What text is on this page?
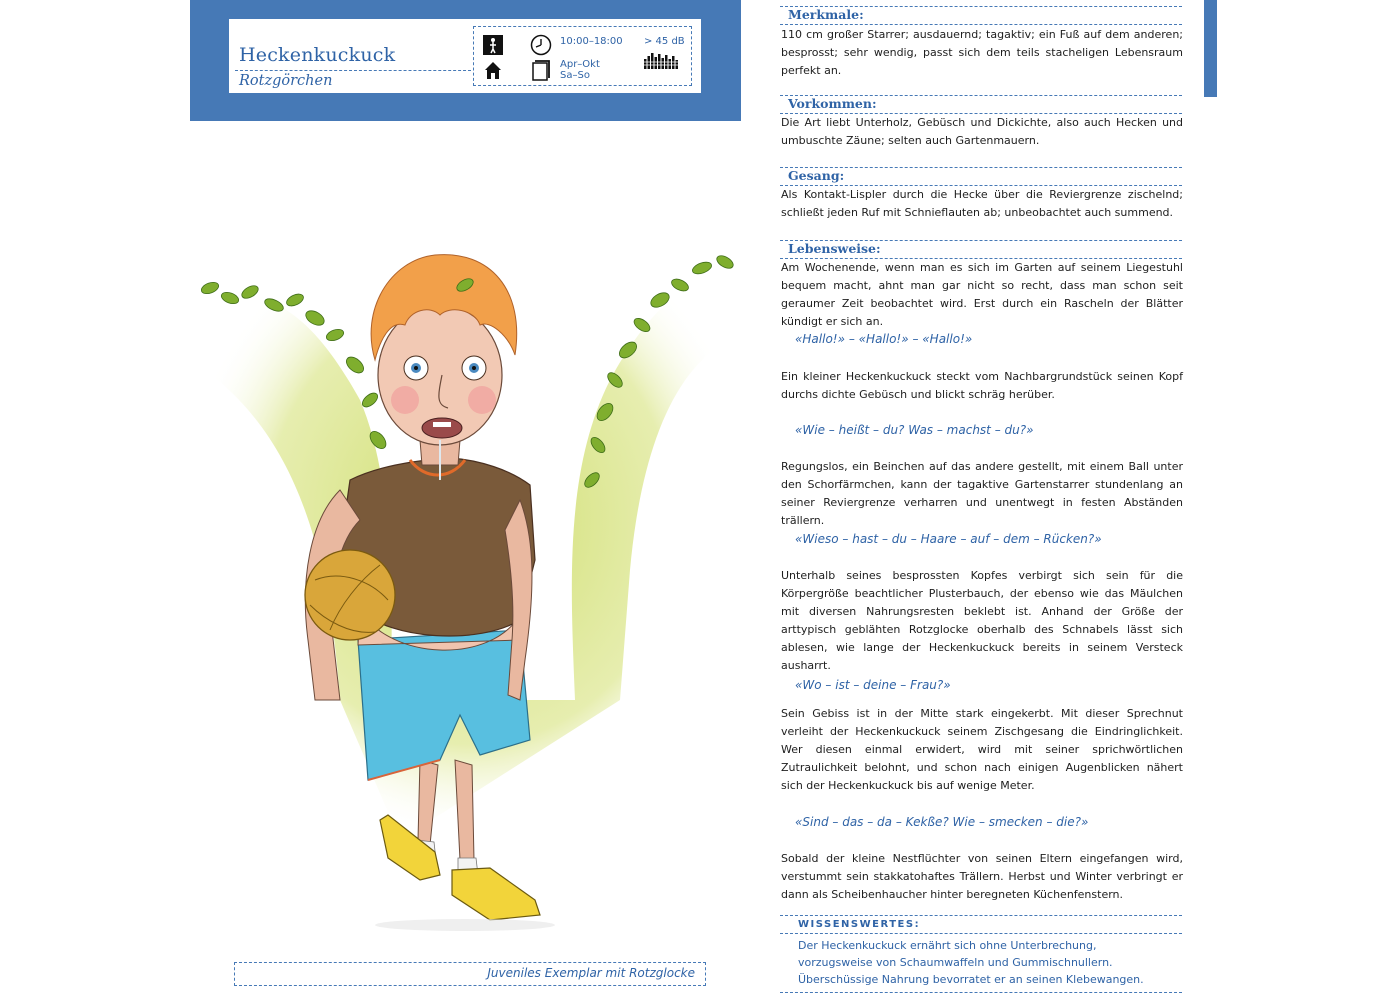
Heckenkuckuck
Rotzgörchen
10:00–18:00
Apr–Okt
Sa–So
> 45 dB
Juveniles Exemplar mit Rotzglocke
Merkmale:

110 cm großer Starrer; ausdauernd; tagaktiv; ein Fuß auf dem anderen; besprosst; sehr wendig, passt sich dem teils stacheligen Lebensraum perfekt an.

Vorkommen:

Die Art liebt Unterholz, Gebüsch und Dickichte, also auch Hecken und umbuschte Zäune; selten auch Gartenmauern.

Gesang:

Als Kontakt-Lispler durch die Hecke über die Reviergrenze zischelnd; schließt jeden Ruf mit Schnieflauten ab; unbeobachtet auch summend.

Lebensweise:

Am Wochenende, wenn man es sich im Garten auf seinem Liegestuhl bequem macht, ahnt man gar nicht so recht, dass man schon seit geraumer Zeit beobachtet wird. Erst durch ein Rascheln der Blätter kündigt er sich an.

«Hallo!» – «Hallo!» – «Hallo!»

Ein kleiner Heckenkuckuck steckt vom Nachbargrundstück seinen Kopf durchs dichte Gebüsch und blickt schräg herüber.

«Wie – heißt – du? Was – machst – du?»

Regungslos, ein Beinchen auf das andere gestellt, mit einem Ball unter den Schorfärmchen, kann der tagaktive Gartenstarrer stundenlang an seiner Reviergrenze verharren und unentwegt in festen Abständen trällern.

«Wieso – hast – du – Haare – auf – dem – Rücken?»

Unterhalb seines besprossten Kopfes verbirgt sich sein für die Körpergröße beachtlicher Plusterbauch, der ebenso wie das Mäulchen mit diversen Nahrungsresten beklebt ist. Anhand der Größe der arttypisch geblähten Rotzglocke oberhalb des Schnabels lässt sich ablesen, wie lange der Heckenkuckuck bereits in seinem Versteck ausharrt.

«Wo – ist – deine – Frau?»

Sein Gebiss ist in der Mitte stark eingekerbt. Mit dieser Sprechnut verleiht der Heckenkuckuck seinem Zischgesang die Eindringlichkeit. Wer diesen einmal erwidert, wird mit seiner sprichwörtlichen Zutraulichkeit belohnt, und schon nach einigen Augenblicken nähert sich der Heckenkuckuck bis auf wenige Meter.

«Sind – das – da – Kekße? Wie – smecken – die?»

Sobald der kleine Nestflüchter von seinen Eltern eingefangen wird, verstummt sein stakkatohaftes Trällern. Herbst und Winter verbringt er dann als Scheibenhaucher hinter beregneten Küchenfenstern.

WISSENSWERTES:

Der Heckenkuckuck ernährt sich ohne Unterbrechung, vorzugsweise von Schaumwaffeln und Gummischnullern. Überschüssige Nahrung bevorratet er an seinen Klebewangen.
